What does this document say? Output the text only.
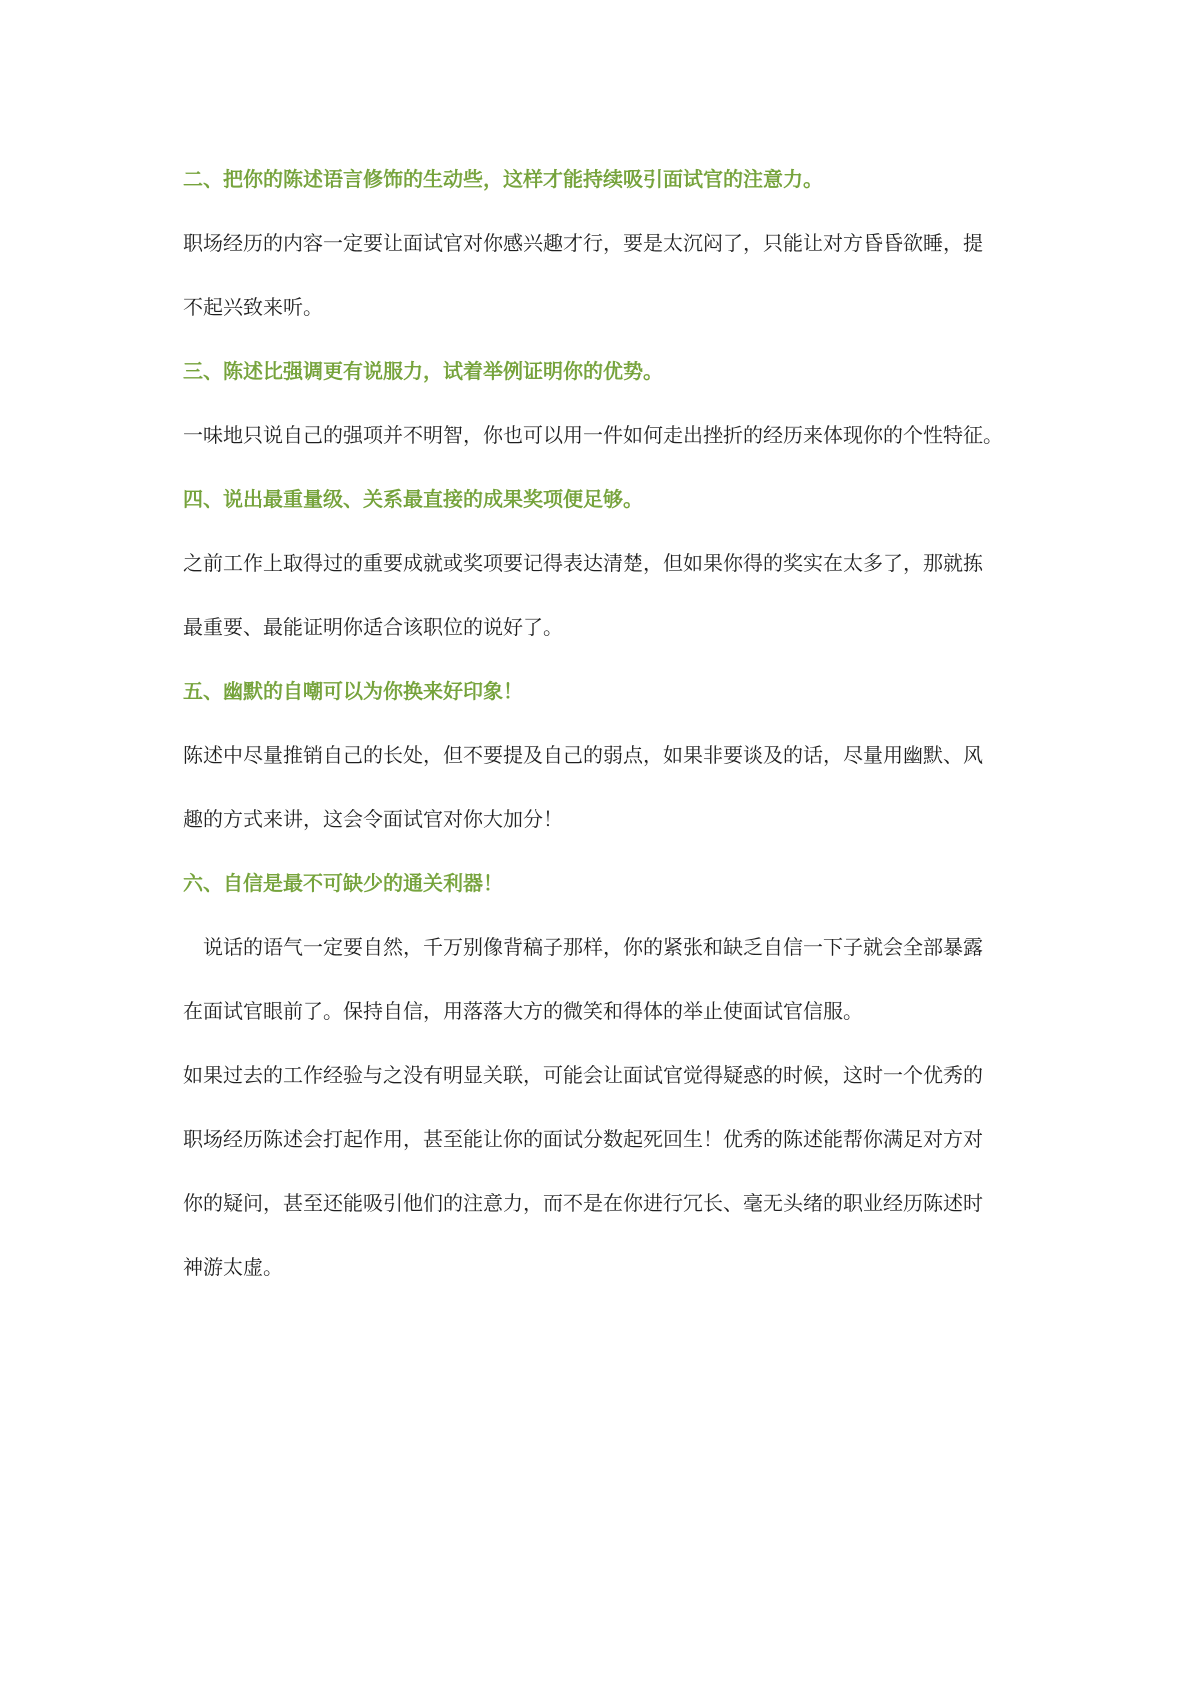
二、把你的陈述语言修饰的生动些，这样才能持续吸引面试官的注意力。
职场经历的内容一定要让面试官对你感兴趣才行，要是太沉闷了，只能让对方昏昏欲睡，提
不起兴致来听。
三、陈述比强调更有说服力，试着举例证明你的优势。
一味地只说自己的强项并不明智，你也可以用一件如何走出挫折的经历来体现你的个性特征。
四、说出最重量级、关系最直接的成果奖项便足够。
之前工作上取得过的重要成就或奖项要记得表达清楚，但如果你得的奖实在太多了，那就拣
最重要、最能证明你适合该职位的说好了。
五、幽默的自嘲可以为你换来好印象！
陈述中尽量推销自己的长处，但不要提及自己的弱点，如果非要谈及的话，尽量用幽默、风
趣的方式来讲，这会令面试官对你大加分！
六、自信是最不可缺少的通关利器！
说话的语气一定要自然，千万别像背稿子那样，你的紧张和缺乏自信一下子就会全部暴露
在面试官眼前了。保持自信，用落落大方的微笑和得体的举止使面试官信服。
如果过去的工作经验与之没有明显关联，可能会让面试官觉得疑惑的时候，这时一个优秀的
职场经历陈述会打起作用，甚至能让你的面试分数起死回生！优秀的陈述能帮你满足对方对
你的疑问，甚至还能吸引他们的注意力，而不是在你进行冗长、毫无头绪的职业经历陈述时
神游太虚。
